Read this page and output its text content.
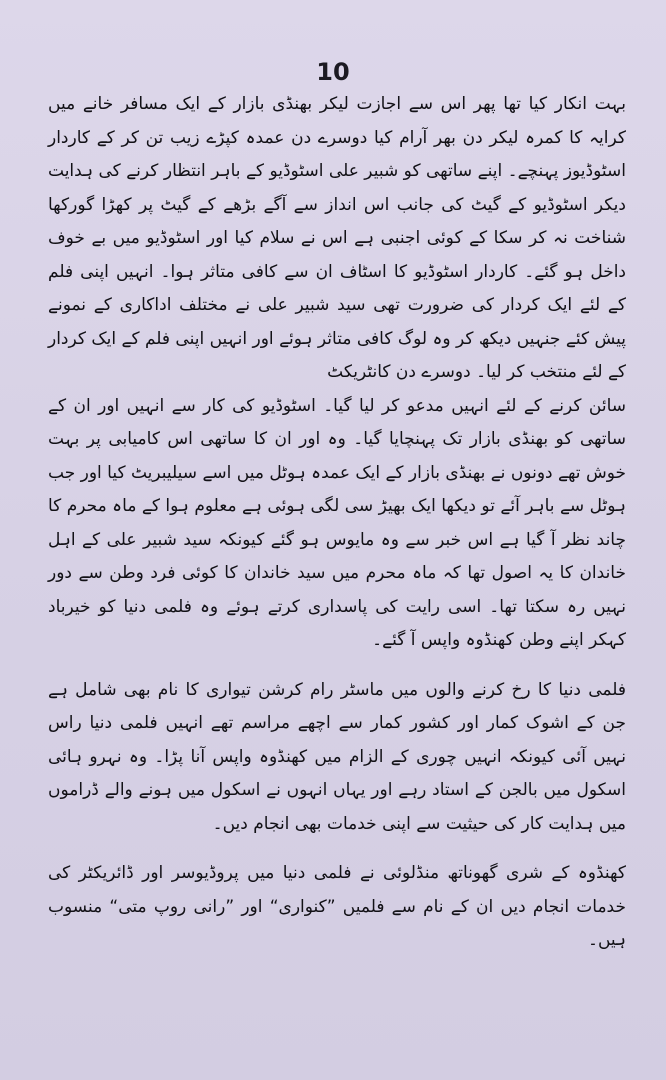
10

بہت انکار کیا تھا پھر اس سے اجازت لیکر بھنڈی بازار کے ایک مسافر خانے میں کرایہ کا کمرہ لیکر دن بھر آرام کیا دوسرے دن عمدہ کپڑے زیب تن کر کے کاردار اسٹوڈیوز پہنچے۔ اپنے ساتھی کو شبیر علی اسٹوڈیو کے باہر انتظار کرنے کی ہدایت دیکر اسٹوڈیو کے گیٹ کی جانب اس انداز سے آگے بڑھے کے گیٹ پر کھڑا گورکھا شناخت نہ کر سکا کے کوئی اجنبی ہے اس نے سلام کیا اور اسٹوڈیو میں بے خوف داخل ہو گئے۔ کاردار اسٹوڈیو کا اسٹاف ان سے کافی متاثر ہوا۔ انہیں اپنی فلم کے لئے ایک کردار کی ضرورت تھی سید شبیر علی نے مختلف اداکاری کے نمونے پیش کئے جنہیں دیکھ کر وہ لوگ کافی متاثر ہوئے اور انہیں اپنی فلم کے ایک کردار کے لئے منتخب کر لیا۔ دوسرے دن کانٹریکٹ

سائن کرنے کے لئے انہیں مدعو کر لیا گیا۔ اسٹوڈیو کی کار سے انہیں اور ان کے ساتھی کو بھنڈی بازار تک پہنچایا گیا۔ وہ اور ان کا ساتھی اس کامیابی پر بہت خوش تھے دونوں نے بھنڈی بازار کے ایک عمدہ ہوٹل میں اسے سیلیبریٹ کیا اور جب ہوٹل سے باہر آئے تو دیکھا ایک بھیڑ سی لگی ہوئی ہے معلوم ہوا کے ماہ محرم کا چاند نظر آ گیا ہے اس خبر سے وہ مایوس ہو گئے کیونکہ سید شبیر علی کے اہل خاندان کا یہ اصول تھا کہ ماہ محرم میں سید خاندان کا کوئی فرد وطن سے دور نہیں رہ سکتا تھا۔ اسی رایت کی پاسداری کرتے ہوئے وہ فلمی دنیا کو خیرباد کہکر اپنے وطن کھنڈوہ واپس آ گئے۔

فلمی دنیا کا رخ کرنے والوں میں ماسٹر رام کرشن تیواری کا نام بھی شامل ہے جن کے اشوک کمار اور کشور کمار سے اچھے مراسم تھے انہیں فلمی دنیا راس نہیں آئی کیونکہ انہیں چوری کے الزام میں کھنڈوہ واپس آنا پڑا۔ وہ نہرو ہائی اسکول میں بالجن کے استاد رہے اور یہاں انہوں نے اسکول میں ہونے والے ڈراموں میں ہدایت کار کی حیثیت سے اپنی خدمات بھی انجام دیں۔

کھنڈوہ کے شری گھوناتھ منڈلوئی نے فلمی دنیا میں پروڈیوسر اور ڈائریکٹر کی خدمات انجام دیں ان کے نام سے فلمیں ”کنواری“ اور ”رانی روپ متی“ منسوب ہیں۔
